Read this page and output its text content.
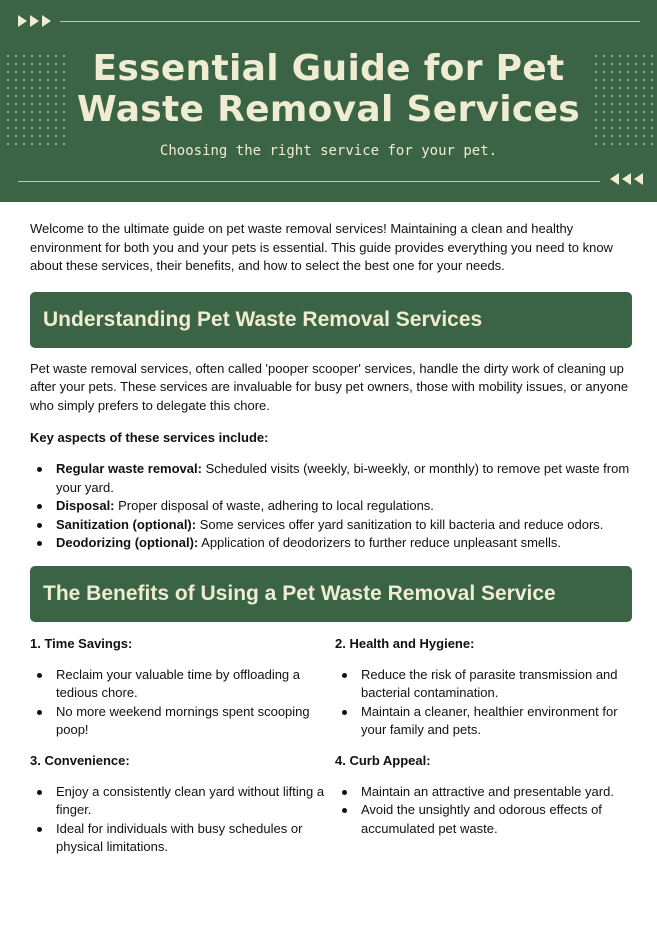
Essential Guide for Pet
Waste Removal Services
Choosing the right service for your pet.

Welcome to the ultimate guide on pet waste removal services! Maintaining a clean and healthy environment for both you and your pets is essential. This guide provides everything you need to know about these services, their benefits, and how to select the best one for your needs.

Understanding Pet Waste Removal Services

Pet waste removal services, often called 'pooper scooper' services, handle the dirty work of cleaning up after your pets. These services are invaluable for busy pet owners, those with mobility issues, or anyone who simply prefers to delegate this chore.

Key aspects of these services include:
Regular waste removal: Scheduled visits (weekly, bi-weekly, or monthly) to remove pet waste from your yard.
Disposal: Proper disposal of waste, adhering to local regulations.
Sanitization (optional): Some services offer yard sanitization to kill bacteria and reduce odors.
Deodorizing (optional): Application of deodorizers to further reduce unpleasant smells.
The Benefits of Using a Pet Waste Removal Service
1. Time Savings:
Reclaim your valuable time by offloading a tedious chore.
No more weekend mornings spent scooping poop!
3. Convenience:
Enjoy a consistently clean yard without lifting a finger.
Ideal for individuals with busy schedules or physical limitations.
2. Health and Hygiene:
Reduce the risk of parasite transmission and bacterial contamination.
Maintain a cleaner, healthier environment for your family and pets.
4. Curb Appeal:
Maintain an attractive and presentable yard.
Avoid the unsightly and odorous effects of accumulated pet waste.
